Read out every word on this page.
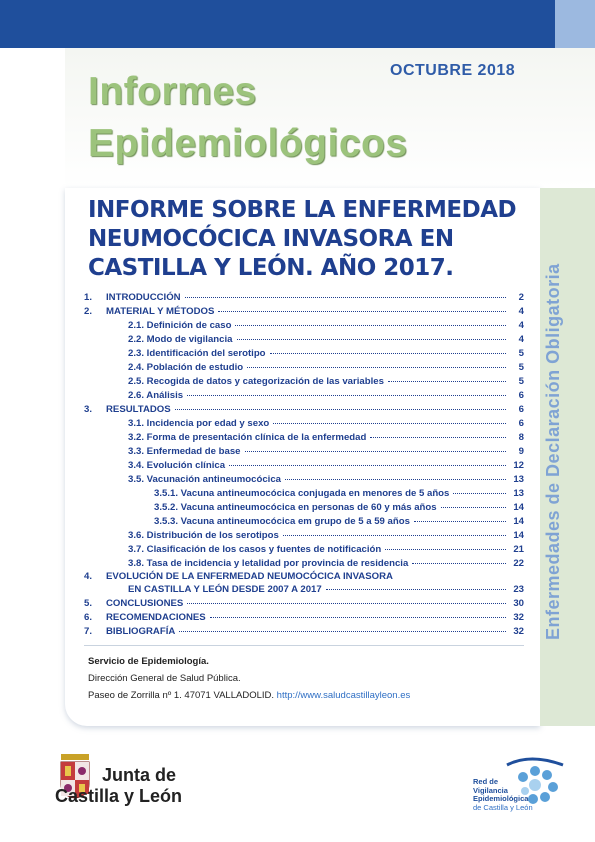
OCTUBRE 2018
Informes
Epidemiológicos
Enfermedades de Declaración Obligatoria
INFORME SOBRE LA ENFERMEDAD
NEUMOCÓCICA INVASORA EN
CASTILLA Y LEÓN. AÑO 2017.
1.	INTRODUCCIÓN	2
2.	MATERIAL Y MÉTODOS	4
2.1. Definición de caso	4
2.2. Modo de vigilancia	4
2.3. Identificación del serotipo	5
2.4. Población de estudio	5
2.5. Recogida de datos y categorización de las variables	5
2.6. Análisis	6
3.	RESULTADOS	6
3.1. Incidencia por edad y sexo	6
3.2. Forma de presentación clínica de la enfermedad	8
3.3. Enfermedad de base	9
3.4. Evolución clínica	12
3.5. Vacunación antineumocócica	13
3.5.1. Vacuna antineumocócica conjugada en menores de 5 años	13
3.5.2. Vacuna antineumocócica en personas de 60 y más años	14
3.5.3. Vacuna antineumocócica em grupo de 5 a 59 años	14
3.6. Distribución de los serotipos	14
3.7. Clasificación de los casos y fuentes de notificación	21
3.8. Tasa de incidencia y letalidad por provincia de residencia	22
4.	EVOLUCIÓN DE LA ENFERMEDAD NEUMOCÓCICA INVASORA
EN CASTILLA Y LEÓN DESDE 2007 A 2017	23
5.	CONCLUSIONES	30
6.	RECOMENDACIONES	32
7.	BIBLIOGRAFÍA	32
Servicio de Epidemiología.
Dirección General de Salud Pública.
Paseo de Zorrilla nº 1. 47071 VALLADOLID. http://www.saludcastillayleon.es
Junta de
Castilla y León
Red de
Vigilancia
Epidemiológica
de Castilla y León
